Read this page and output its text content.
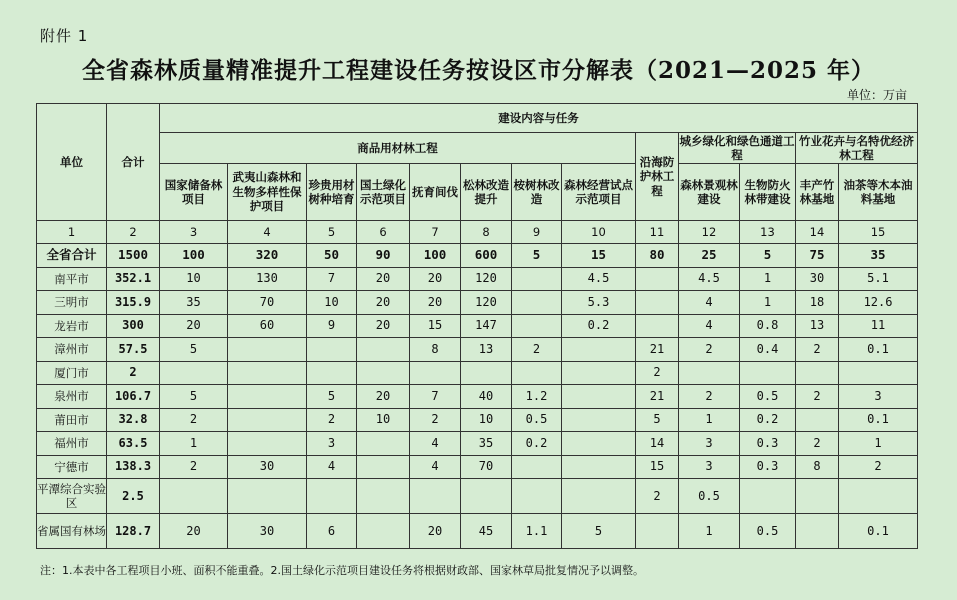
附件 1
全省森林质量精准提升工程建设任务按设区市分解表（2021—2025 年）
单位：万亩
单位	合计	建设内容与任务												
		商品用材林工程								沿海防护林工程	城乡绿化和绿色通道工程		竹业花卉与名特优经济林工程	
		国家储备林项目	武夷山森林和生物多样性保护项目	珍贵用材树种培育	国土绿化示范项目	抚育间伐	松林改造提升	桉树林改造	森林经营试点示范项目		森林景观林建设	生物防火林带建设	丰产竹林基地	油茶等木本油料基地
1	2	3	4	5	6	7	8	9	10	11	12	13	14	15
全省合计	1500	100	320	50	90	100	600	5	15	80	25	5	75	35
南平市	352.1	10	130	7	20	20	120		4.5		4.5	1	30	5.1
三明市	315.9	35	70	10	20	20	120		5.3		4	1	18	12.6
龙岩市	300	20	60	9	20	15	147		0.2		4	0.8	13	11
漳州市	57.5	5				8	13	2		21	2	0.4	2	0.1
厦门市	2									2				
泉州市	106.7	5		5	20	7	40	1.2		21	2	0.5	2	3
莆田市	32.8	2		2	10	2	10	0.5		5	1	0.2		0.1
福州市	63.5	1		3		4	35	0.2		14	3	0.3	2	1
宁德市	138.3	2	30	4		4	70			15	3	0.3	8	2
平潭综合实验区	2.5									2	0.5			
省属国有林场	128.7	20	30	6		20	45	1.1	5		1	0.5		0.1
注：1.本表中各工程项目小班、面积不能重叠。2.国土绿化示范项目建设任务将根据财政部、国家林草局批复情况予以调整。
